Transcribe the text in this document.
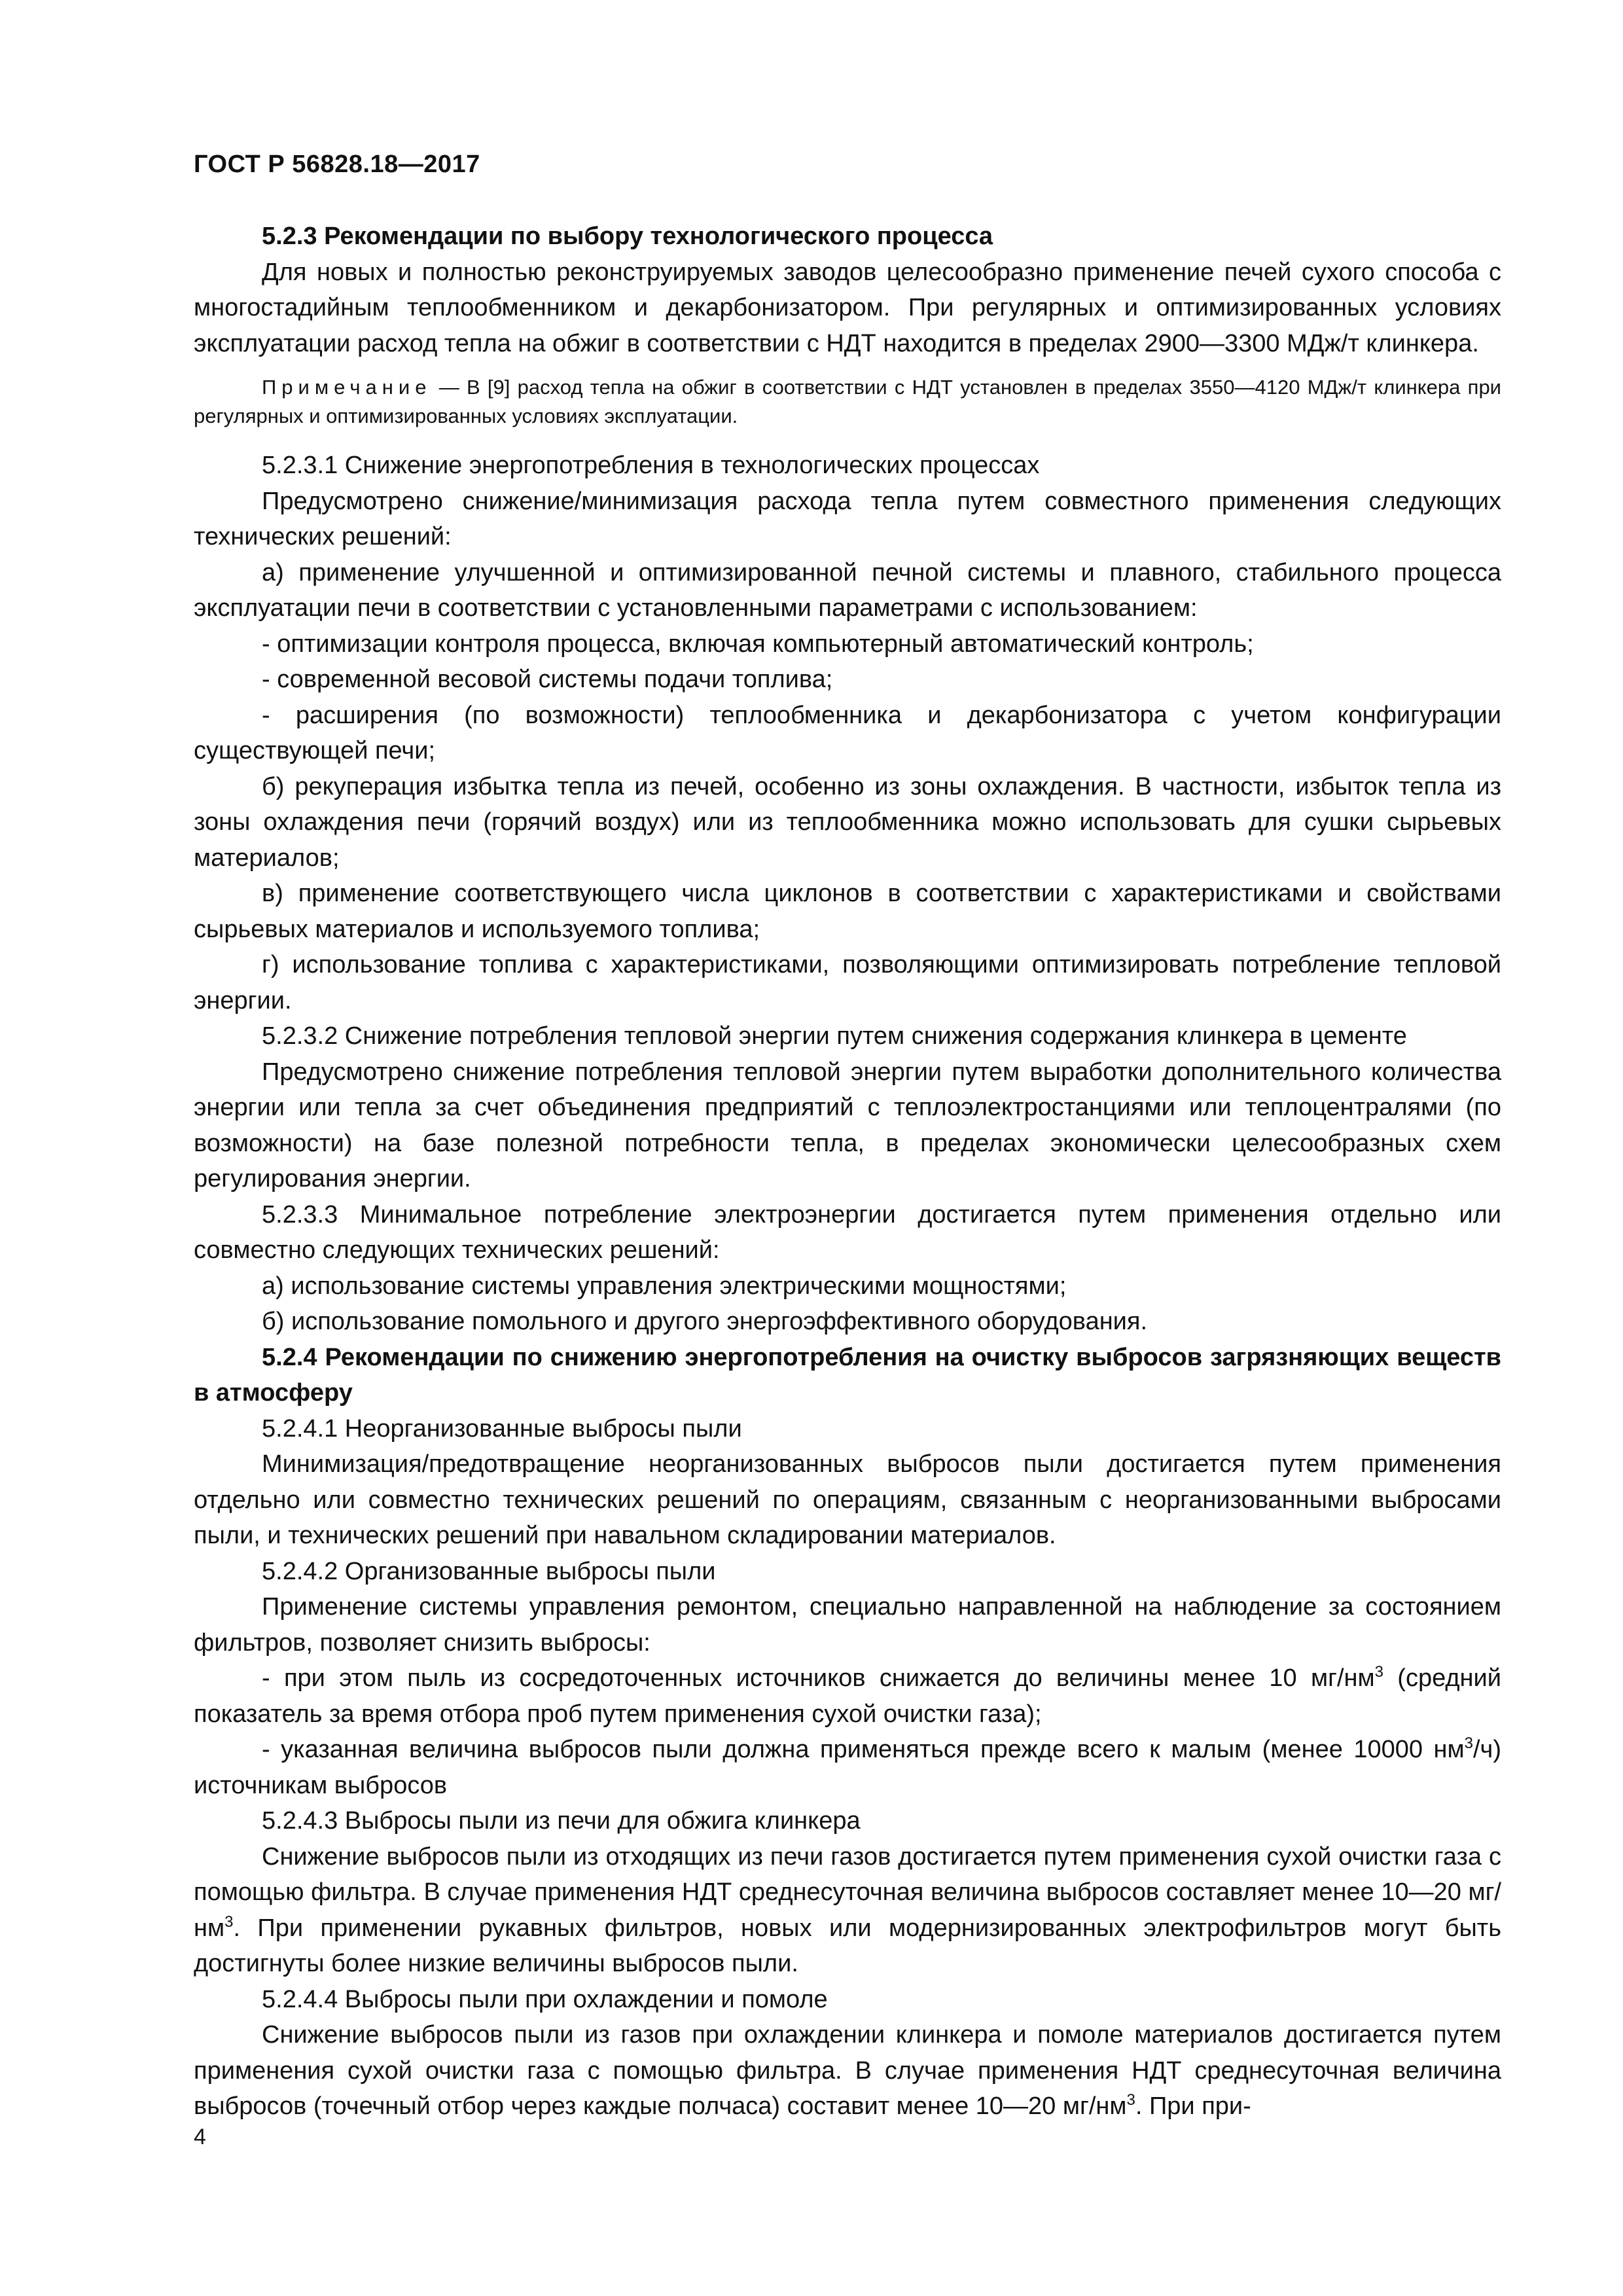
ГОСТ Р 56828.18—2017

5.2.3 Рекомендации по выбору технологического процесса

Для новых и полностью реконструируемых заводов целесообразно применение печей сухого способа с многостадийным теплообменником и декарбонизатором. При регулярных и оптимизированных условиях эксплуатации расход тепла на обжиг в соответствии с НДТ находится в пределах 2900—3300 МДж/т клинкера.

Примечание — В [9] расход тепла на обжиг в соответствии с НДТ установлен в пределах 3550—4120 МДж/т клинкера при регулярных и оптимизированных условиях эксплуатации.

5.2.3.1 Снижение энергопотребления в технологических процессах

Предусмотрено снижение/минимизация расхода тепла путем совместного применения следующих технических решений:

а) применение улучшенной и оптимизированной печной системы и плавного, стабильного процесса эксплуатации печи в соответствии с установленными параметрами с использованием:

- оптимизации контроля процесса, включая компьютерный автоматический контроль;

- современной весовой системы подачи топлива;

- расширения (по возможности) теплообменника и декарбонизатора с учетом конфигурации существующей печи;

б) рекуперация избытка тепла из печей, особенно из зоны охлаждения. В частности, избыток тепла из зоны охлаждения печи (горячий воздух) или из теплообменника можно использовать для сушки сырьевых материалов;

в) применение соответствующего числа циклонов в соответствии с характеристиками и свойствами сырьевых материалов и используемого топлива;

г) использование топлива с характеристиками, позволяющими оптимизировать потребление тепловой энергии.

5.2.3.2 Снижение потребления тепловой энергии путем снижения содержания клинкера в цементе

Предусмотрено снижение потребления тепловой энергии путем выработки дополнительного количества энергии или тепла за счет объединения предприятий с теплоэлектростанциями или теплоцентралями (по возможности) на базе полезной потребности тепла, в пределах экономически целесообразных схем регулирования энергии.

5.2.3.3 Минимальное потребление электроэнергии достигается путем применения отдельно или совместно следующих технических решений:

а) использование системы управления электрическими мощностями;

б) использование помольного и другого энергоэффективного оборудования.

5.2.4 Рекомендации по снижению энергопотребления на очистку выбросов загрязняющих веществ в атмосферу

5.2.4.1 Неорганизованные выбросы пыли

Минимизация/предотвращение неорганизованных выбросов пыли достигается путем применения отдельно или совместно технических решений по операциям, связанным с неорганизованными выбросами пыли, и технических решений при навальном складировании материалов.

5.2.4.2 Организованные выбросы пыли

Применение системы управления ремонтом, специально направленной на наблюдение за состоянием фильтров, позволяет снизить выбросы:

- при этом пыль из сосредоточенных источников снижается до величины менее 10 $мг/нм^3$ (средний показатель за время отбора проб путем применения сухой очистки газа);

- указанная величина выбросов пыли должна применяться прежде всего к малым (менее 10000 $нм^3/ч$) источникам выбросов

5.2.4.3 Выбросы пыли из печи для обжига клинкера

Снижение выбросов пыли из отходящих из печи газов достигается путем применения сухой очистки газа с помощью фильтра. В случае применения НДТ среднесуточная величина выбросов составляет менее 10—20 $мг/нм^3$. При применении рукавных фильтров, новых или модернизированных электрофильтров могут быть достигнуты более низкие величины выбросов пыли.

5.2.4.4 Выбросы пыли при охлаждении и помоле

Снижение выбросов пыли из газов при охлаждении клинкера и помоле материалов достигается путем применения сухой очистки газа с помощью фильтра. В случае применения НДТ среднесуточная величина выбросов (точечный отбор через каждые полчаса) составит менее 10—20 $мг/нм^3$. При при-

4
